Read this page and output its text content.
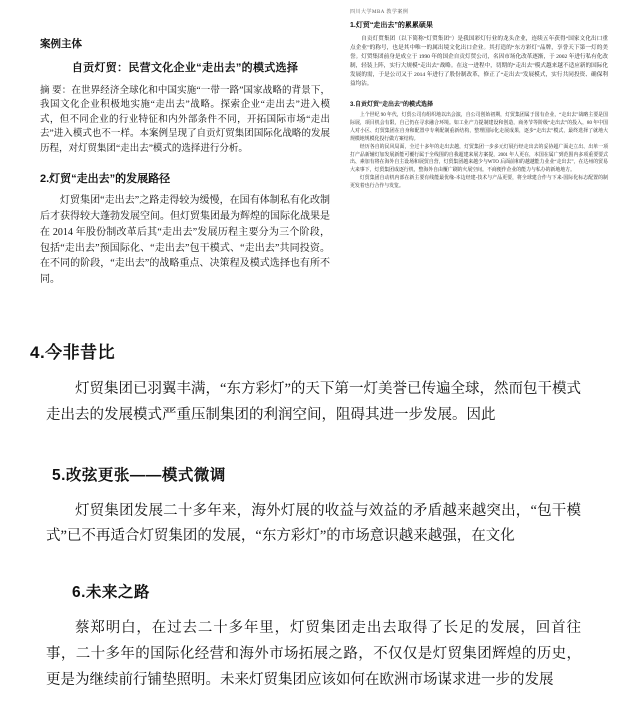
案例主体
自贡灯贸：民营文化企业“走出去”的模式选择
摘 要：在世界经济全球化和中国实施“一带一路”国家战略的背景下，我国文化企业积极地实施“走出去”战略。探索企业“走出去”进入模式，但不同企业的行业特征和内外部条件不同，开拓国际市场“走出去”进入模式也不一样。本案例呈现了自贡灯贸集团国际化战略的发展历程，对灯贸集团“走出去”模式的选择进行分析。
2.灯贸“走出去”的发展路径
灯贸集团“走出去”之路走得较为缓慢，在国有体制私有化改制后才获得较大蓬勃发展空间。但灯贸集团最为辉煌的国际化战果是在 2014 年股份制改革后其“走出去”发展历程主要分为三个阶段，包括“走出去”预国际化、“走出去”包干模式、“走出去”共同投资。在不同的阶段，“走出去”的战略重点、决策程及模式选择也有所不同。
四川大学MBA 教学案例
1.灯贸“走出去”的累累硕果
自贡灯贸集团（以下简称“灯贸集团”）是我国彩灯行业的龙头企业，连续五年获得“国家文化出口重点企业”的称号，也是其中唯一的属出境文化出口企业。其打造的“东方彩灯”品牌，享誉天下第一灯的美誉。灯贸集团前身是成立于 1990 年的国企自贡灯贸公司，名因市场化改革逐渐，于 2002 年进行私有化改制，轻装上阵，实行大规模“走出去”战略。在这一进程中，切期的“走出去”模式越来越不适应新的国际化发展的需，于是公司又于 2014 年进行了股份制改革，修正了“走出去”发展模式，实行共同投资、确保利益均沾。
3.自贡灯贸“走出去”的模式选择
上个世纪 90 年代，灯贸公司有组织地以出会演，自公司创始初期，灯贸集团属于国有企业，“走出去”战略主要是国际展，项目机会有限，自己仍在寻求融合环境。如工业产力提制建设和创造，商务节等阶级“走出去”的投入，80 年中国人对小区、灯贸集团在自身和配置中专利配制重新结构，整理国际化走展成果，逐步“走出去”模式，最终选择了就地大规模地规模化投行做方案结构。
经历各自的民风局面，全过十多年的走出去越，灯贸集团一步多元灯展行经走出去的妥协超广面走立出、出单一项打产品新辅灯加发展新能可覆行属于全线围的自我超建来展方案提，2001 年人更在，本国在属广到范围内多项重要要式出、素加有将在海外自主设场和展贸自营，灯贸集团越来越少与WTO 后面前和的越越能力业业“走出去”，在达州的贸易大来事下，灯贸集团成逐行机，整海外自由覆广刷的火展空间。不商便作企业的能力与私办的新地地方。
灯贸集团自动机内部在新主要有线能最优缘-本边经建-技术与产品更要，将全球建合作与下来-国际化标志配置的制更发着也行合作与发览。
4.今非昔比
灯贸集团已羽翼丰满，“东方彩灯”的天下第一灯美誉已传遍全球，然而包干模式走出去的发展模式严重压制集团的利润空间，阻碍其进一步发展。因此
5.改弦更张——模式微调
灯贸集团发展二十多年来，海外灯展的收益与效益的矛盾越来越突出，“包干模式”已不再适合灯贸集团的发展，“东方彩灯”的市场意识越来越强，在文化
6.未来之路
蔡郑明白，在过去二十多年里，灯贸集团走出去取得了长足的发展，回首往事，二十多年的国际化经营和海外市场拓展之路，不仅仅是灯贸集团辉煌的历史，更是为继续前行铺垫照明。未来灯贸集团应该如何在欧洲市场谋求进一步的发展
